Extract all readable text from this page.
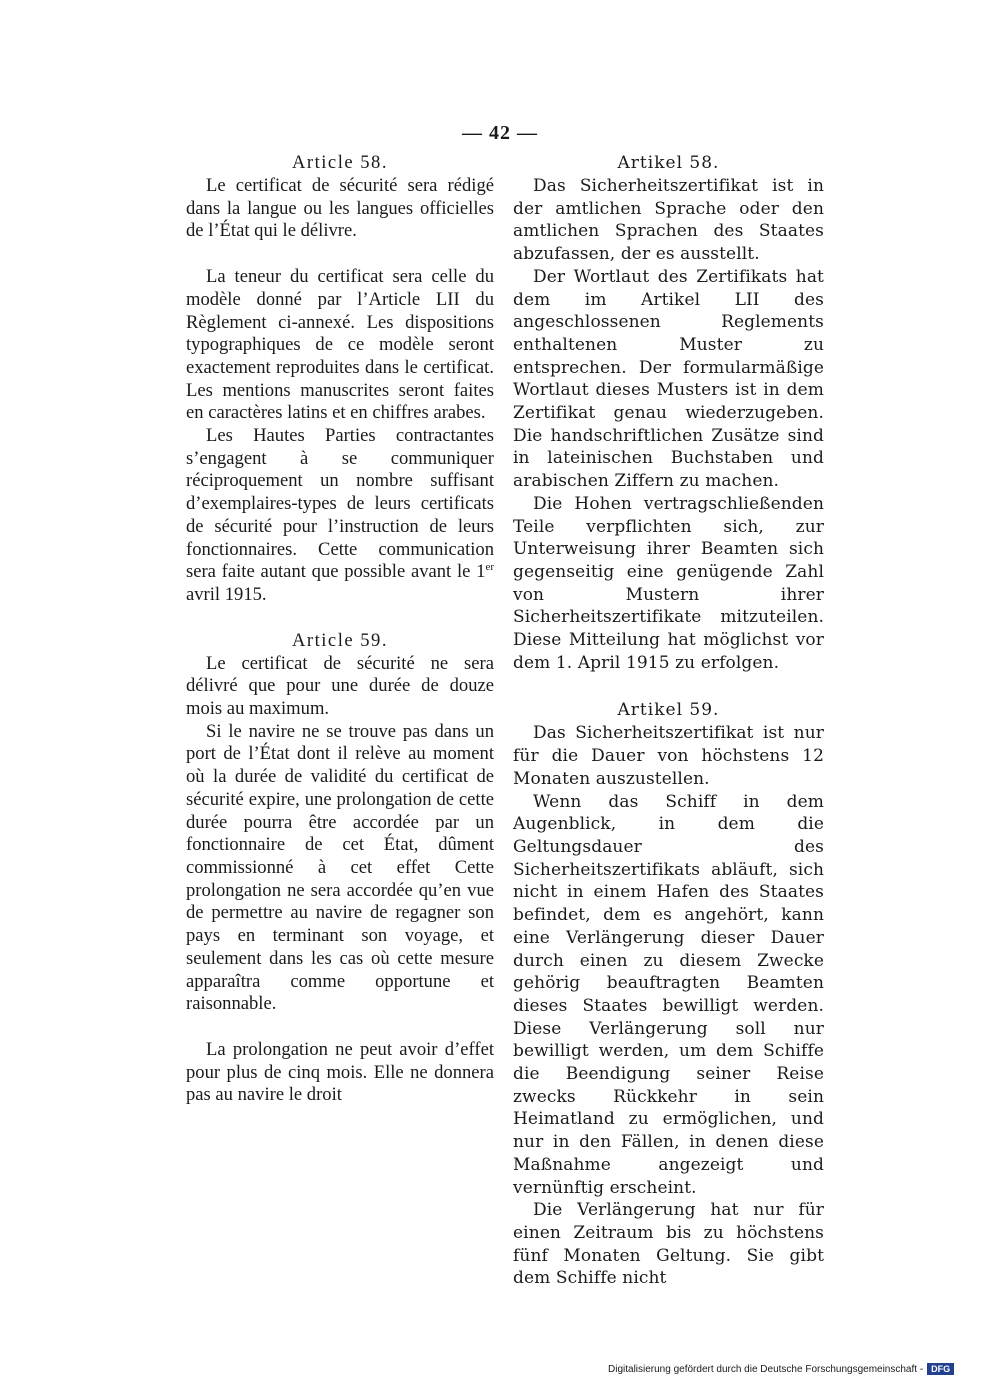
— 42 —
Article 58.

Le certificat de sécurité sera rédigé dans la langue ou les langues officielles de l’État qui le délivre.

La teneur du certificat sera celle du modèle donné par l’Article LII du Règlement ci-annexé. Les dispositions typographiques de ce modèle seront exactement reproduites dans le certificat. Les mentions manuscrites seront faites en caractères latins et en chiffres arabes.

Les Hautes Parties contractantes s’engagent à se communiquer réciproquement un nombre suffisant d’exemplaires-types de leurs certificats de sécurité pour l’instruction de leurs fonctionnaires. Cette communication sera faite autant que possible avant le 1er avril 1915.

Article 59.

Le certificat de sécurité ne sera délivré que pour une durée de douze mois au maximum.

Si le navire ne se trouve pas dans un port de l’État dont il relève au moment où la durée de validité du certificat de sécurité expire, une prolongation de cette durée pourra être accordée par un fonctionnaire de cet État, dûment commissionné à cet effet Cette prolongation ne sera accordée qu’en vue de permettre au navire de regagner son pays en terminant son voyage, et seulement dans les cas où cette mesure apparaîtra comme opportune et raisonnable.

La prolongation ne peut avoir d’effet pour plus de cinq mois. Elle ne donnera pas au navire le droit

Artikel 58.

Das Sicherheitszertifikat ist in der amtlichen Sprache oder den amtlichen Sprachen des Staates abzufassen, der es ausstellt.

Der Wortlaut des Zertifikats hat dem im Artikel LII des angeschlossenen Reglements enthaltenen Muster zu entsprechen. Der formularmäßige Wortlaut dieses Musters ist in dem Zertifikat genau wiederzugeben. Die handschriftlichen Zusätze sind in lateinischen Buchstaben und arabischen Ziffern zu machen.

Die Hohen vertragschließenden Teile verpflichten sich, zur Unterweisung ihrer Beamten sich gegenseitig eine genügende Zahl von Mustern ihrer Sicherheitszertifikate mitzuteilen. Diese Mitteilung hat möglichst vor dem 1. April 1915 zu erfolgen.

Artikel 59.

Das Sicherheitszertifikat ist nur für die Dauer von höchstens 12 Monaten auszustellen.

Wenn das Schiff in dem Augenblick, in dem die Geltungsdauer des Sicherheitszertifikats abläuft, sich nicht in einem Hafen des Staates befindet, dem es angehört, kann eine Verlängerung dieser Dauer durch einen zu diesem Zwecke gehörig beauftragten Beamten dieses Staates bewilligt werden. Diese Verlängerung soll nur bewilligt werden, um dem Schiffe die Beendigung seiner Reise zwecks Rückkehr in sein Heimatland zu ermöglichen, und nur in den Fällen, in denen diese Maßnahme angezeigt und vernünftig erscheint.

Die Verlängerung hat nur für einen Zeitraum bis zu höchstens fünf Monaten Geltung. Sie gibt dem Schiffe nicht

Digitalisierung gefördert durch die Deutsche Forschungsgemeinschaft - DFG
